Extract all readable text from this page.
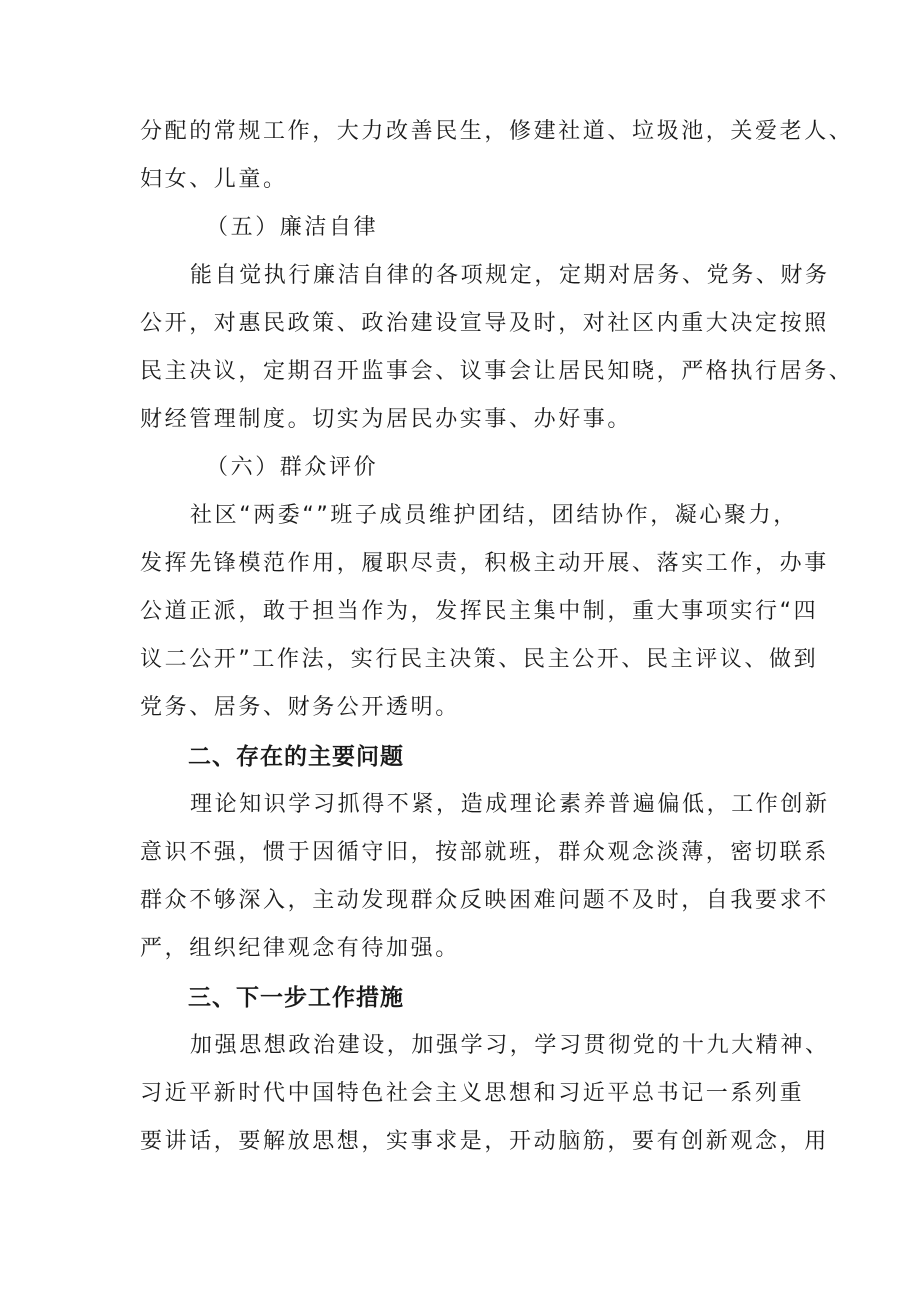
分配的常规工作，大力改善民生，修建社道、垃圾池，关爱老人、
妇女、儿童。
（五）廉洁自律
能自觉执行廉洁自律的各项规定，定期对居务、党务、财务
公开，对惠民政策、政治建设宣导及时，对社区内重大决定按照
民主决议，定期召开监事会、议事会让居民知晓，严格执行居务、
财经管理制度。切实为居民办实事、办好事。
（六）群众评价
社区“两委“”班子成员维护团结，团结协作，凝心聚力，
发挥先锋模范作用，履职尽责，积极主动开展、落实工作，办事
公道正派，敢于担当作为，发挥民主集中制，重大事项实行“四
议二公开”工作法，实行民主决策、民主公开、民主评议、做到
党务、居务、财务公开透明。
二、存在的主要问题
理论知识学习抓得不紧，造成理论素养普遍偏低，工作创新
意识不强，惯于因循守旧，按部就班，群众观念淡薄，密切联系
群众不够深入，主动发现群众反映困难问题不及时，自我要求不
严，组织纪律观念有待加强。
三、下一步工作措施
加强思想政治建设，加强学习，学习贯彻党的十九大精神、
习近平新时代中国特色社会主义思想和习近平总书记一系列重
要讲话，要解放思想，实事求是，开动脑筋，要有创新观念，用
